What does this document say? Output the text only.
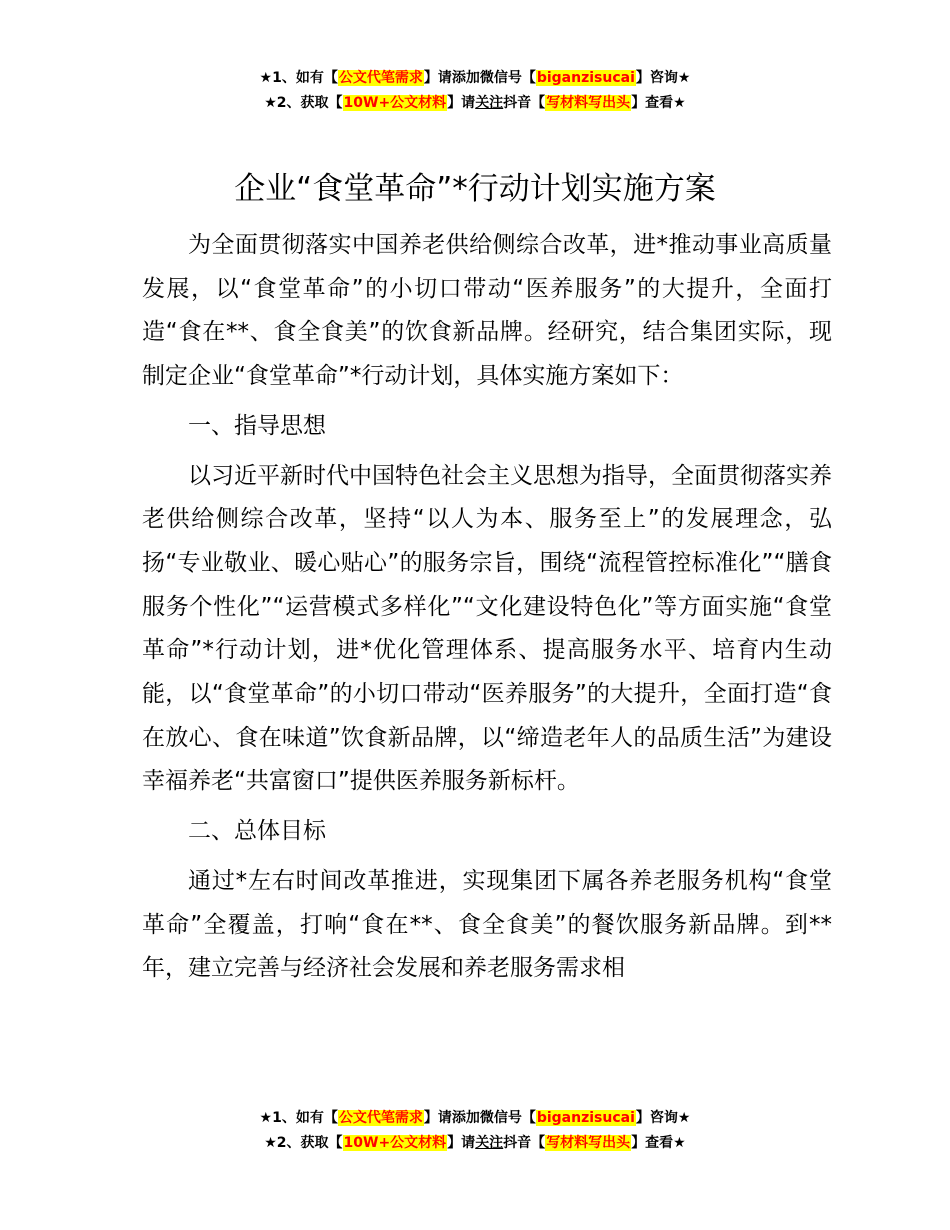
★1、如有【公文代笔需求】请添加微信号【biganzisucai】咨询★
★2、获取【10W+公文材料】请关注抖音【写材料写出头】查看★
企业“食堂革命”*行动计划实施方案

为全面贯彻落实中国养老供给侧综合改革，进*推动事业高质量发展，以“食堂革命”的小切口带动“医养服务”的大提升，全面打造“食在**、食全食美”的饮食新品牌。经研究，结合集团实际，现制定企业“食堂革命”*行动计划，具体实施方案如下：

一、指导思想

以习近平新时代中国特色社会主义思想为指导，全面贯彻落实养老供给侧综合改革，坚持“以人为本、服务至上”的发展理念，弘扬“专业敬业、暖心贴心”的服务宗旨，围绕“流程管控标准化”“膳食服务个性化”“运营模式多样化”“文化建设特色化”等方面实施“食堂革命”*行动计划，进*优化管理体系、提高服务水平、培育内生动能，以“食堂革命”的小切口带动“医养服务”的大提升，全面打造“食在放心、食在味道”饮食新品牌，以“缔造老年人的品质生活”为建设幸福养老“共富窗口”提供医养服务新标杆。

二、总体目标

通过*左右时间改革推进，实现集团下属各养老服务机构“食堂革命”全覆盖，打响“食在**、食全食美”的餐饮服务新品牌。到**年，建立完善与经济社会发展和养老服务需求相

★1、如有【公文代笔需求】请添加微信号【biganzisucai】咨询★
★2、获取【10W+公文材料】请关注抖音【写材料写出头】查看★
